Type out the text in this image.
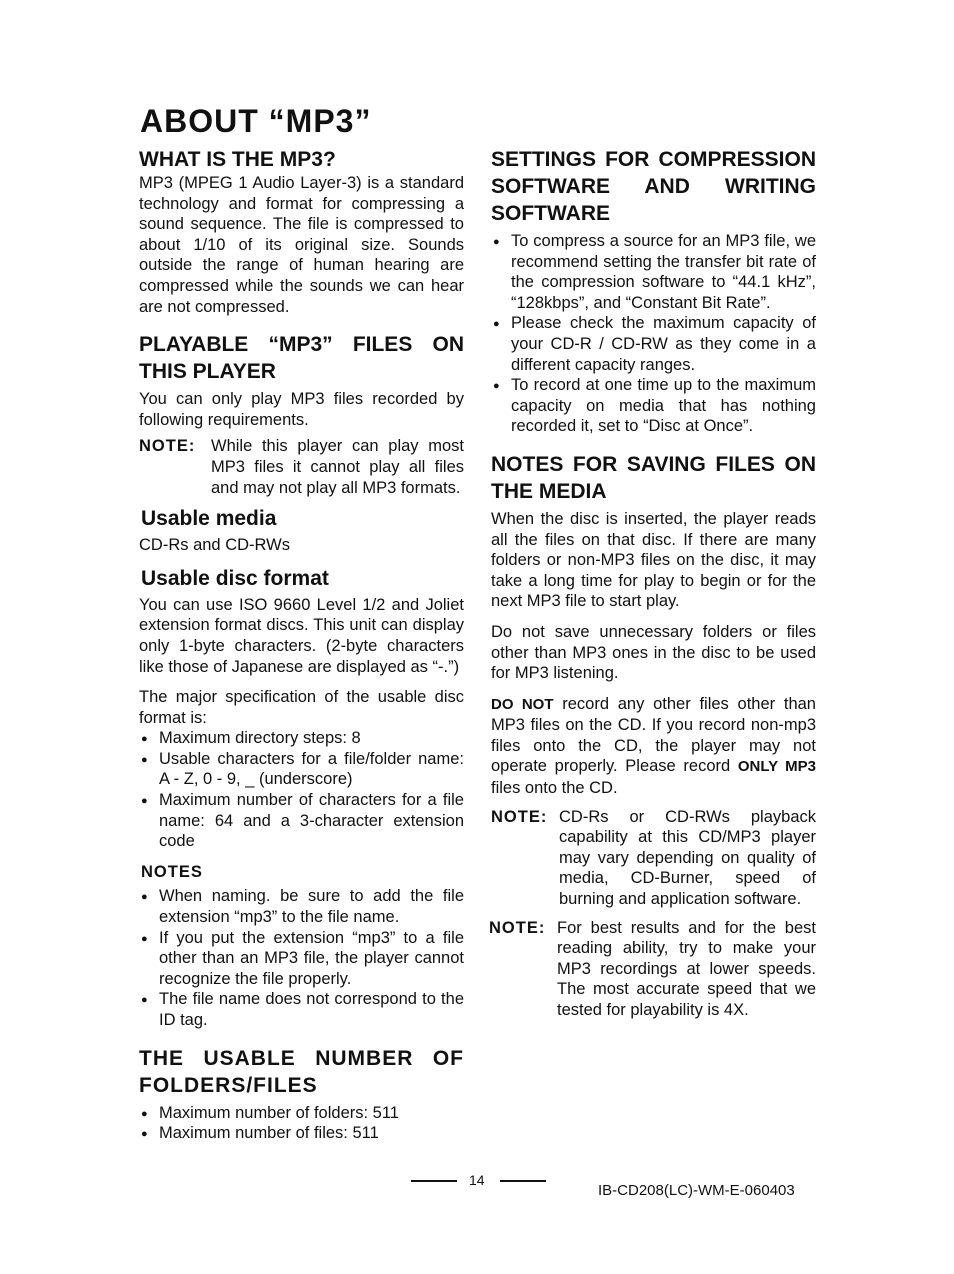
ABOUT “MP3”
WHAT IS THE MP3?

MP3 (MPEG 1 Audio Layer-3) is a standard technology and format for compressing a sound sequence. The file is compressed to about 1/10 of its original size. Sounds outside the range of human hearing are compressed while the sounds we can hear are not compressed.

PLAYABLE “MP3” FILES ON THIS PLAYER

You can only play MP3 files recorded by following requirements.

NOTE: While this player can play most MP3 files it cannot play all files and may not play all MP3 formats.
Usable media

CD-Rs and CD-RWs

Usable disc format

You can use ISO 9660 Level 1/2 and Joliet extension format discs. This unit can display only 1-byte characters. (2-byte characters like those of Japanese are displayed as “-.”)

The major specification of the usable disc format is:

● Maximum directory steps: 8
● Usable characters for a file/folder name: A - Z, 0 - 9, _ (underscore)
● Maximum number of characters for a file name: 64 and a 3-character extension code
NOTES
● When naming. be sure to add the file extension “mp3” to the file name.
● If you put the extension “mp3” to a file other than an MP3 file, the player cannot recognize the file properly.
● The file name does not correspond to the ID tag.
THE USABLE NUMBER OF FOLDERS/FILES
● Maximum number of folders: 511
● Maximum number of files: 511
SETTINGS FOR COMPRESSION SOFTWARE AND WRITING SOFTWARE
● To compress a source for an MP3 file, we recommend setting the transfer bit rate of the compression software to “44.1 kHz”, “128kbps”, and “Constant Bit Rate”.
● Please check the maximum capacity of your CD-R / CD-RW as they come in a different capacity ranges.
● To record at one time up to the maximum capacity on media that has nothing recorded it, set to “Disc at Once”.
NOTES FOR SAVING FILES ON THE MEDIA

When the disc is inserted, the player reads all the files on that disc. If there are many folders or non-MP3 files on the disc, it may take a long time for play to begin or for the next MP3 file to start play.

Do not save unnecessary folders or files other than MP3 ones in the disc to be used for MP3 listening.

DO NOT record any other files other than MP3 files on the CD. If you record non-mp3 files onto the CD, the player may not operate properly. Please record ONLY MP3 files onto the CD.

NOTE: CD-Rs or CD-RWs playback capability at this CD/MP3 player may vary depending on quality of media, CD-Burner, speed of burning and application software.
NOTE: For best results and for the best reading ability, try to make your MP3 recordings at lower speeds. The most accurate speed that we tested for playability is 4X.
14
IB-CD208(LC)-WM-E-060403
